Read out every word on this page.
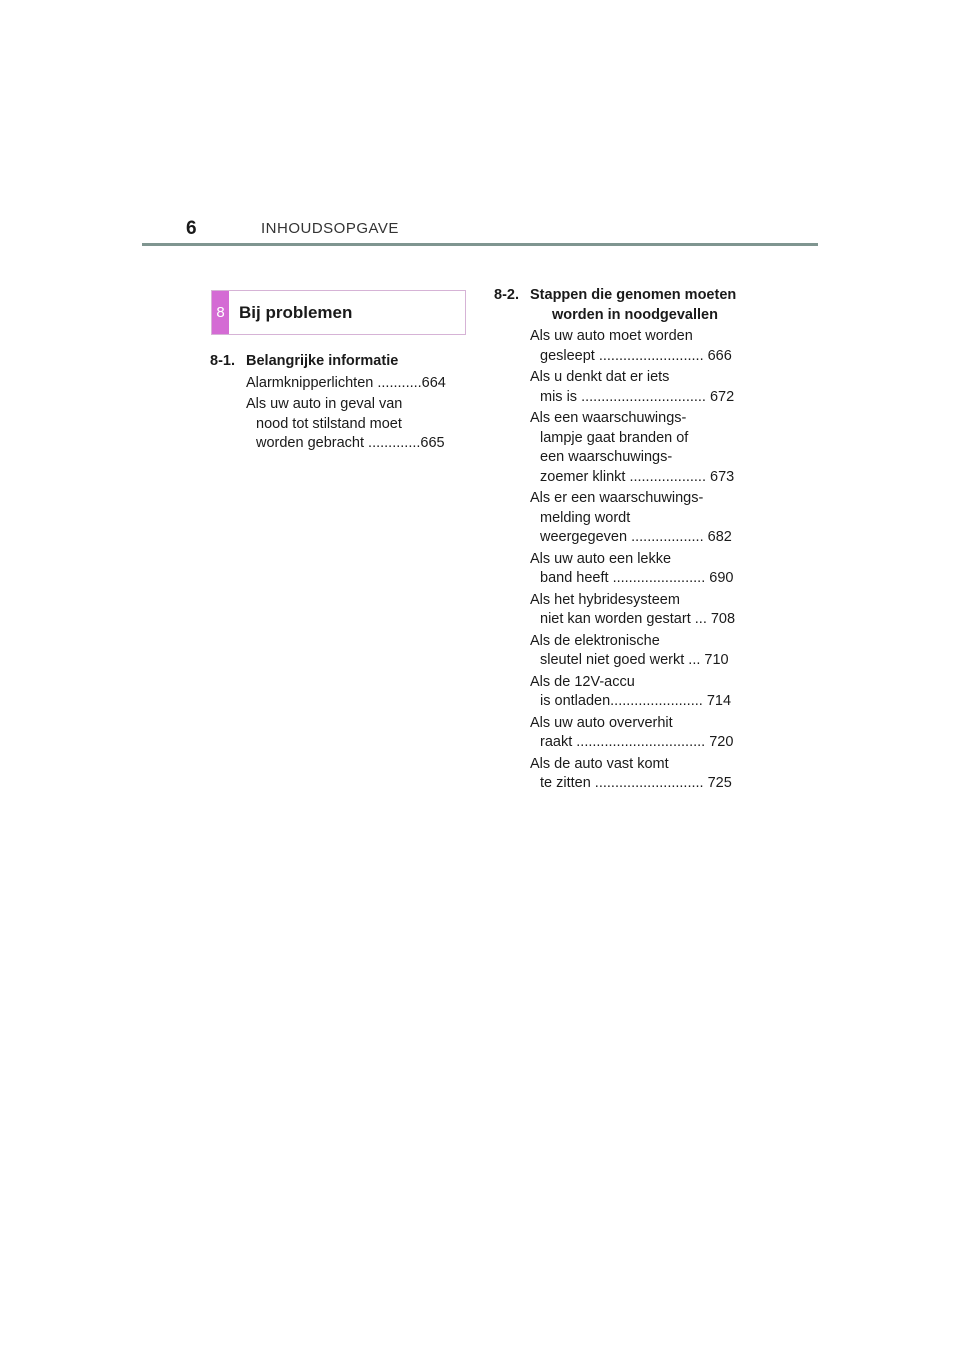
6	INHOUDSOPGAVE
8 Bij problemen
8-1. Belangrijke informatie
Alarmknipperlichten ...........664
Als uw auto in geval van
nood tot stilstand moet
worden gebracht .............665
8-2. Stappen die genomen moeten
worden in noodgevallen
Als uw auto moet worden
gesleept .......................... 666
Als u denkt dat er iets
mis is ............................... 672
Als een waarschuwings-
lampje gaat branden of
een waarschuwings-
zoemer klinkt ................... 673
Als er een waarschuwings-
melding wordt
weergegeven .................. 682
Als uw auto een lekke
band heeft ....................... 690
Als het hybridesysteem
niet kan worden gestart ... 708
Als de elektronische
sleutel niet goed werkt ... 710
Als de 12V-accu
is ontladen....................... 714
Als uw auto oververhit
raakt ................................ 720
Als de auto vast komt
te zitten ........................... 725
